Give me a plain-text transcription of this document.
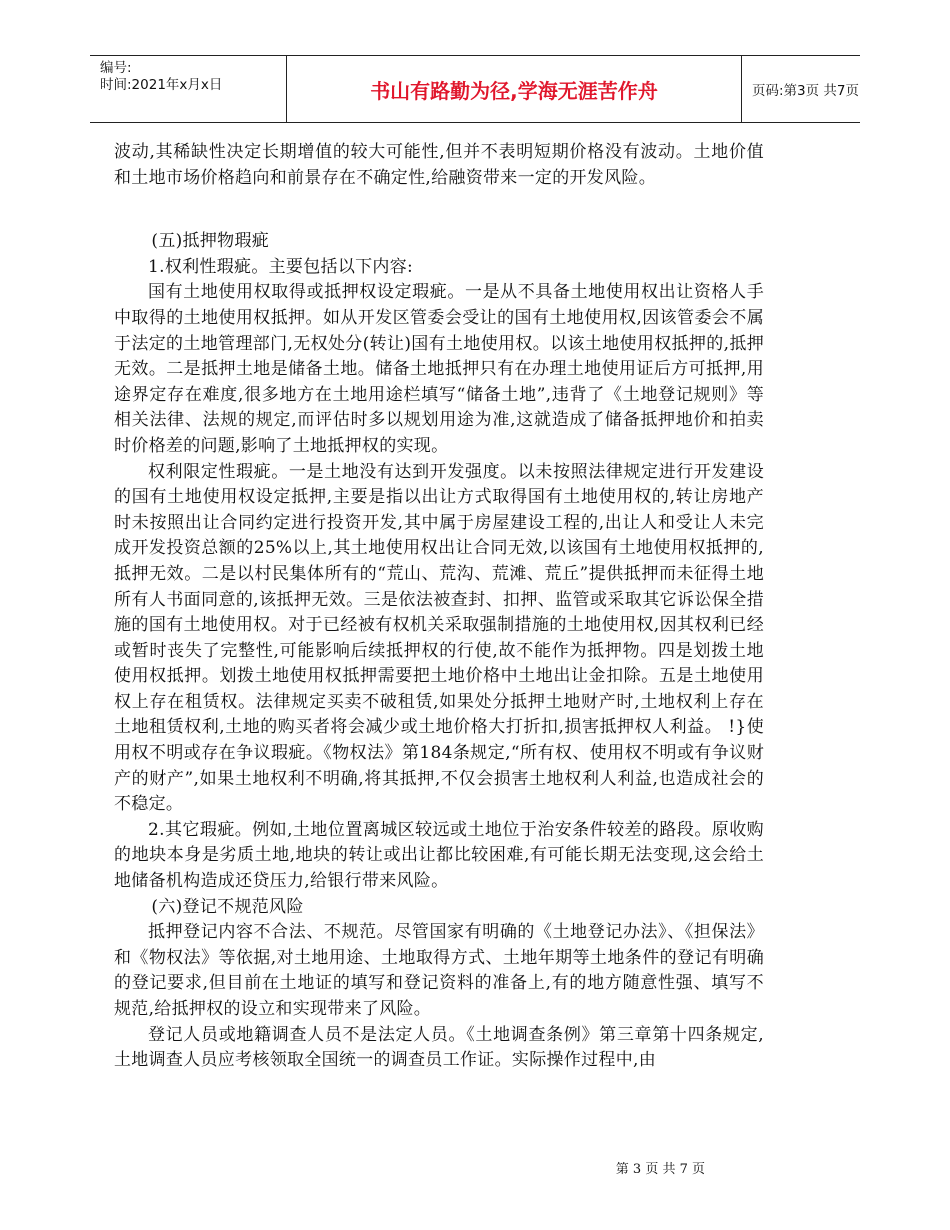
编号:
时间:2021年x月x日	书山有路勤为径,学海无涯苦作舟	页码:第3页 共7页

波动,其稀缺性决定长期增值的较大可能性,但并不表明短期价格没有波动。土地价值和土地市场价格趋向和前景存在不确定性,给融资带来一定的开发风险。

(五)抵押物瑕疵

1.权利性瑕疵。主要包括以下内容:

国有土地使用权取得或抵押权设定瑕疵。一是从不具备土地使用权出让资格人手中取得的土地使用权抵押。如从开发区管委会受让的国有土地使用权,因该管委会不属于法定的土地管理部门,无权处分(转让)国有土地使用权。以该土地使用权抵押的,抵押无效。二是抵押土地是储备土地。储备土地抵押只有在办理土地使用证后方可抵押,用途界定存在难度,很多地方在土地用途栏填写“储备土地”,违背了《土地登记规则》等相关法律、法规的规定,而评估时多以规划用途为准,这就造成了储备抵押地价和拍卖时价格差的问题,影响了土地抵押权的实现。

权利限定性瑕疵。一是土地没有达到开发强度。以未按照法律规定进行开发建设的国有土地使用权设定抵押,主要是指以出让方式取得国有土地使用权的,转让房地产时未按照出让合同约定进行投资开发,其中属于房屋建设工程的,出让人和受让人未完成开发投资总额的25%以上,其土地使用权出让合同无效,以该国有土地使用权抵押的,抵押无效。二是以村民集体所有的“荒山、荒沟、荒滩、荒丘”提供抵押而未征得土地所有人书面同意的,该抵押无效。三是依法被查封、扣押、监管或采取其它诉讼保全措施的国有土地使用权。对于已经被有权机关采取强制措施的土地使用权,因其权利已经或暂时丧失了完整性,可能影响后续抵押权的行使,故不能作为抵押物。四是划拨土地使用权抵押。划拨土地使用权抵押需要把土地价格中土地出让金扣除。五是土地使用权上存在租赁权。法律规定买卖不破租赁,如果处分抵押土地财产时,土地权利上存在土地租赁权利,土地的购买者将会减少或土地价格大打折扣,损害抵押权人利益。 !}使用权不明或存在争议瑕疵。《物权法》第184条规定,“所有权、使用权不明或有争议财产的财产”,如果土地权利不明确,将其抵押,不仅会损害土地权利人利益,也造成社会的不稳定。

2.其它瑕疵。例如,土地位置离城区较远或土地位于治安条件较差的路段。原收购的地块本身是劣质土地,地块的转让或出让都比较困难,有可能长期无法变现,这会给土地储备机构造成还贷压力,给银行带来风险。

(六)登记不规范风险

抵押登记内容不合法、不规范。尽管国家有明确的《土地登记办法》、《担保法》和《物权法》等依据,对土地用途、土地取得方式、土地年期等土地条件的登记有明确的登记要求,但目前在土地证的填写和登记资料的准备上,有的地方随意性强、填写不规范,给抵押权的设立和实现带来了风险。

登记人员或地籍调查人员不是法定人员。《土地调查条例》第三章第十四条规定,土地调查人员应考核领取全国统一的调查员工作证。实际操作过程中,由

第 3 页 共 7 页
